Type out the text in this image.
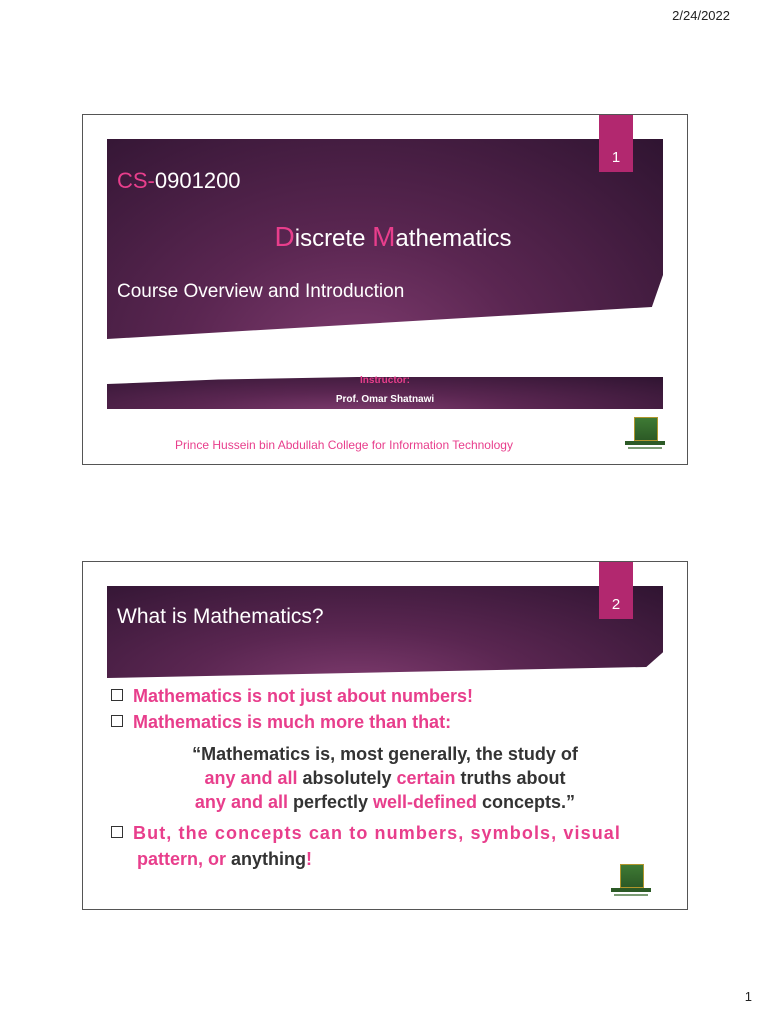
2/24/2022
1
CS-0901200
Discrete Mathematics
Course Overview and Introduction
Instructor:
Prof. Omar Shatnawi
Prince Hussein bin Abdullah College for Information Technology
2
What is Mathematics?
Mathematics is not just about numbers!
Mathematics is much more than that:
“Mathematics is, most generally, the study of
any and all absolutely certain truths about
any and all perfectly well-defined concepts.”
But, the concepts can to numbers, symbols, visual
pattern, or anything!
1
